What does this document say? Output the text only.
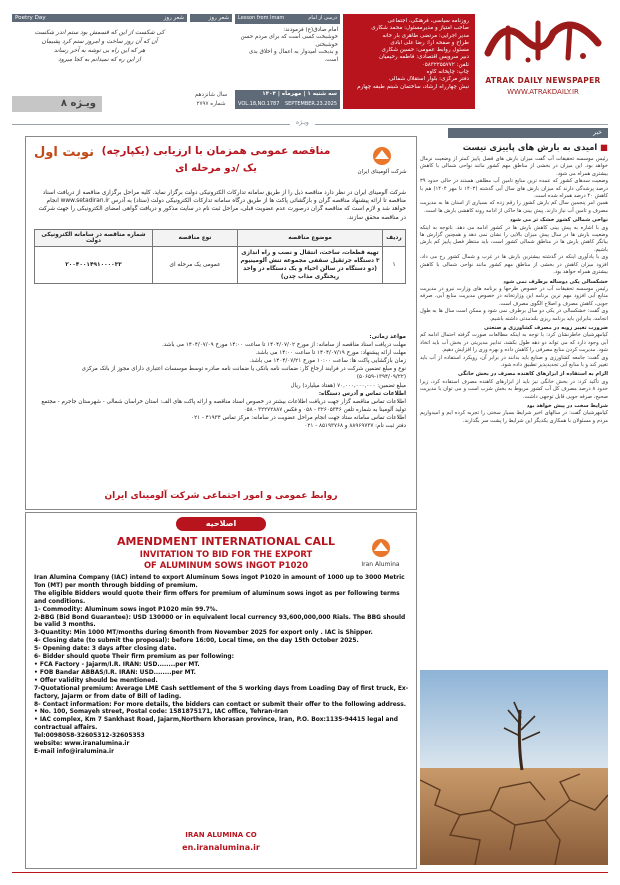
ATRAK DAILY NEWSPAPER
WWW.ATRAKDAILY.IR
روزنامه سیاسی، فرهنگی، اجتماعی
صاحب امتیاز و مدیرمسئول: محمد شکاری
مدیر اجرایی: مرتضی طاهری بار خانه
طراح و صفحه آرا: رضا علی آبادی
مسئول روابط عمومی: حسین شکاری
دبیر سرویس اقتصادی: فاطمه رحیمیان
تلفن: ۰۵۸۳۲۲۵۵۷۷۲
چاپ: چاپخانه کاوه
دفتر مرکزی: بلوار استقلال شمالی
نبش چهارراه ارشاد، ساختمان شبنم طبقه چهارم
Lesson from Imam	درسی از امام
امام صادق(ع) فرمودند:
خوشبخت کسی است که برای مردم حسن خوشبختی
و بدبخت امیدوار به اعمال و اخلاق بدی است.
سه شنبه ۱ | مهرماه | ۱۴۰۴
VOL.18,NO.1787 SEPTEMBER.23.2025
شعر روز
سال شانزدهم
شماره ۲۷۹۷
Poetry Day	شعر روز
کی شکست از این که قسمش بود ستم اندر شکست
آن که آن روز ساخت و امروز ستم کرد پشیمان
هر که این راه بی توشه به آخر رساند
از این ره که نمیدانم به کجا میرود
ویـژه ۸
ویـژه
نوبت اول مناقصه عمومی همزمان با ارزیابی (یکپارچه)
یک /دو مرحله ای	شرکت آلومینای ایران
شرکت آلومینای ایران در نظر دارد مناقصه ذیل را از طریق سامانه تدارکات الکترونیکی دولت برگزار نماید. کلیه مراحل برگزاری مناقصه از دریافت اسناد مناقصه تا ارائه پیشنهاد مناقصه گران و بازگشائی پاکت ها از طریق درگاه سامانه تدارکات الکترونیکی دولت (ستاد) به آدرس www.setadiran.ir انجام خواهد شد و لازم است که مناقصه گران درصورت عدم عضویت قبلی، مراحل ثبت نام در سایت مذکور و دریافت گواهی امضای الکترونیکی را جهت شرکت در مناقصه محقق سازند.
ردیف	موضوع مناقصه	نوع مناقصه	شماره مناقصه در سامانه الکترونیکی دولت
۱	تهیه قطعات، ساخت، انتقال و نصب و راه اندازی ۳ دستگاه جرثقیل سقفی مجموعه تنش آلومینیوم (دو دستگاه در سالن احیاء و یک دستگاه در واحد ریختگری مذاب چدن)	عمومی یک مرحله ای	۲۰۰۴۰۰۱۴۹۱۰۰۰۰۳۳
مواعد زمانی:
مهلت دریافت اسناد مناقصه از سامانه: از مورخ ۱۴۰۴/۰۷/۰۲ تا ساعت ۱۴:۰۰ مورخ ۱۴۰۴/۰۷/۰۹ می باشد.
مهلت ارائه پیشنهاد: مورخ ۱۴۰۴/۰۷/۱۹ تا ساعت ۱۴:۰۰ می باشد.
زمان بازگشایی پاکت ها: ساعت ۱۰:۰۰ مورخ ۱۴۰۴/۰۷/۲۱ می باشد.
نوع و مبلغ تضمین شرکت در فرایند ارجاع کار: ضمانت نامه بانکی یا ضمانت نامه صادره توسط موسسات اعتباری دارای مجوز از بانک مرکزی (۱۳۹۴/۰۹/۲۲-۵۰۶۵۹)
مبلغ تضمین: ۷۰,۰۰۰,۰۰۰,۰۰۰ (هفتاد میلیارد) ریال
اطلاعات تماس و آدرس دستگاه:
اطلاعات تماس مناقصه گزار جهت دریافت اطلاعات بیشتر در خصوص اسناد مناقصه و ارائه پاکت های الف: استان خراسان شمالی - شهرستان جاجرم - مجتمع تولید آلومینا به شماره تلفن ۳۲۶۰۵۳۴۶ - ۰۵۸ و فکس ۳۲۲۷۲۸۸۷ - ۰۵۸
اطلاعات تماس سامانه ستاد جهت انجام مراحل عضویت در سامانه: مرکز تماس ۴۱۹۳۴ - ۰۲۱
دفتر ثبت نام: ۸۸۹۶۹۷۳۷ و ۸۵۱۹۳۷۶۸ - ۰۲۱
روابط عمومی و امور اجتماعی شرکت آلومینای ایران
اصلاحیه
AMENDMENT INTERNATIONAL CALL
INVITATION TO BID FOR THE EXPORT
OF ALUMINUM SOWS INGOT P1020	Iran Alumina
Iran Alumina Company (IAC) intend to export Aluminum Sows ingot P1020 in amount of 1000 up to 3000 Metric Ton (MT) per month through bidding of premium.
The eligible Bidders would quote their firm offers for premium of aluminum sows ingot as per following terms and conditions.
1- Commodity: Aluminum sows ingot P1020 min 99.7%.
2-BBG (Bid Bond Guarantee): USD 130000 or in equivalent local currency 93,600,000,000 Rials. The BBG should be valid 3 months.
3-Quantity: Min 1000 MT/months during 6month from November 2025 for export only . IAC is Shipper.
4- Closing date (to submit the proposal): before 16:00, Local time, on the day 15th October 2025.
5- Opening date: 3 days after closing date.
6- Bidder should quote Their firm premium as per following:
• FCA Factory - Jajarm/I.R. IRAN: USD........per MT.
• FOB Bandar ABBAS/I.R. IRAN: USD........per MT.
• Offer validity should be mentioned.
7-Quotational premium: Average LME Cash settlement of the 5 working days from Loading Day of first truck, Ex-factory, Jajarm or from date of Bill of lading.
8- Contact information: For more details, the bidders can contact or submit their offer to the following address.
• No. 100, Somayeh street, Postal code: 1581875171, IAC office, Tehran-Iran
• IAC complex, Km 7 Sankhast Road, Jajarm,Northern khorasan province, Iran, P.O. Box:1135-94415 legal and contractual affairs.
Tel:0098058-32605312-32605353
website: www.iranalumina.ir
E-mail info@iralumina.ir
IRAN ALUMINA CO
en.iranalumina.ir
خبر
■ امیدی به بارش های پاییزی نیست
رئیس موسسه تحقیقات آب گفت میزان بارش های فصل پاییز کمتر از وضعیت نرمال خواهد بود. این میزان در بخشی از مناطق مهم کشور مانند نواحی شمالی با کاهش بیشتری همراه می شود.
وضعیت سدهای کشور که عمده ترین منابع تامین آب مطلقی هستند در حالی حدود ۳۹ درصد پرشدگی دارند که میزان بارش های سال آبی گذشته (۱۴۰۳ تا مهر ۱۴۰۴) هم با کاهش ۴۰ درصد همراه شده است.
همین امر پنجمین سال کم بارش کشور را رقم زده که بسیاری از استان ها به مدیریت مصرف و تامین آب نیاز دارند. پیش بینی ها حاکی از ادامه روند کاهشی بارش ها است.
نواحی شمالی کشور خشک تر می شود
وی با اشاره به پیش بینی کاهش بارش ها در کشور ادامه می دهد. باتوجه به اینکه وضعیت بارش ها در سال پیش میزان بالایی را نشان نمی دهد و همچنین گزارش ها بیانگر کاهش بارش ها در مناطق شمالی کشور است، باید منتظر فصل پاییز کم بارش باشیم.
وی با یادآوری اینکه در گذشته بیشترین بارش ها در غرب و شمال کشور رخ می داد، افزود میزان کاهش در بخشی از مناطق مهم کشور مانند نواحی شمالی با کاهش بیشتری همراه خواهد بود.
خشکسالی یکی دوساله برطرف نمی شود
رئیس موسسه تحقیقات آب در خصوص طرحها و برنامه های وزارت نیرو در مدیریت منابع آبی افزود مهم ترین برنامه این وزارتخانه در خصوص مدیریت منابع آبی، صرفه جویی، کاهش مصرف و اصلاح الگوی مصرف است.
وی گفت: خشکسالی در یکی دو سال برطرف نمی شود و ممکن است سال ها به طول انجامد، بنابراین باید برنامه ریزی بلندمدتی داشته باشیم.
ضرورت تغییر رویه در مصرف کشاورزی و صنعتی
کیامهرشیان خاطرنشان کرد: با توجه به اینکه مطالعات صورت گرفته احتمال ادامه کم آبی وجود دارد که می تواند دو دهه طول بکشد، تدابیر مدیریتی در بخش آب باید اتخاذ شود. مدیریت کردن منابع مصرفی را کاهش داده و بهره وری را افزایش دهیم.
وی گفت: جامعه کشاورزی و صنایع باید بدانند در برابر آن، رویکرد استفاده از آب باید تغییر کند و با منابع آبی تجدیدپذیر تطبیق داده شود.
الزام به استفاده از ابزارهای کاهنده مصرف در بخش خانگی
وی تأکید کرد: در بخش خانگی نیز باید از ابزارهای کاهنده مصرف استفاده کرد، زیرا حدود ۸ درصد مصرف کل آب کشور مربوط به بخش شرب است و می توان با مدیریت صحیح، صرفه جویی قابل توجهی داشت.
شرایط سخت در پیش خواهد بود
کیامهرشیان گفت: در سالهای اخیر شرایط بسیار سختی را تجربه کرده ایم و امیدواریم مردم و مسئولان با همکاری یکدیگر این شرایط را پشت سر بگذارند.
